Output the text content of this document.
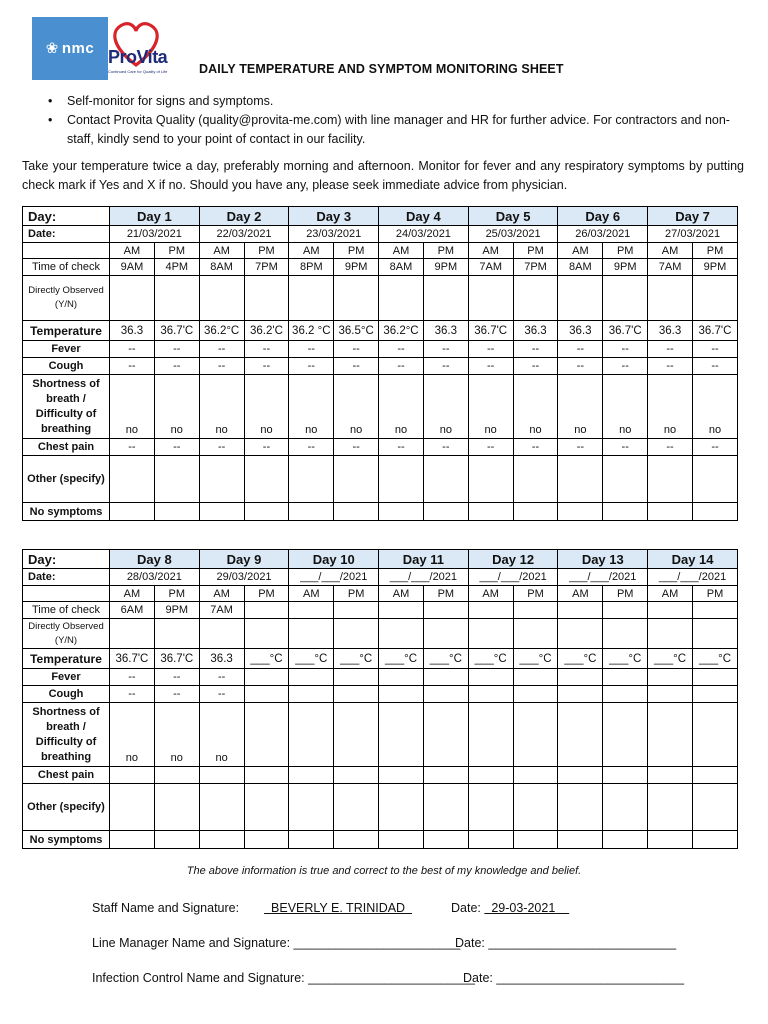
❀ nmc ProVita
Continued Care for Quality of Life	DAILY TEMPERATURE AND SYMPTOM MONITORING SHEET
• Self-monitor for signs and symptoms.
• Contact Provita Quality (quality@provita-me.com) with line manager and HR for further advice. For contractors and non-staff, kindly send to your point of contact in our facility.
Take your temperature twice a day, preferably morning and afternoon. Monitor for fever and any respiratory symptoms by putting check mark if Yes and X if no. Should you have any, please seek immediate advice from physician.
Day:	Day 1		Day 2		Day 3		Day 4		Day 5		Day 6		Day 7	
Date:	21/03/2021		22/03/2021		23/03/2021		24/03/2021		25/03/2021		26/03/2021		27/03/2021	
	AM	PM	AM	PM	AM	PM	AM	PM	AM	PM	AM	PM	AM	PM
Time of check	9AM	4PM	8AM	7PM	8PM	9PM	8AM	9PM	7AM	7PM	8AM	9PM	7AM	9PM
Directly Observed (Y/N)														
Temperature	36.3	36.7'C	36.2°C	36.2'C	36.2 °C	36.5°C	36.2°C	36.3	36.7'C	36.3	36.3	36.7'C	36.3	36.7'C
Fever	--	--	--	--	--	--	--	--	--	--	--	--	--	--
Cough	--	--	--	--	--	--	--	--	--	--	--	--	--	--
Shortness of breath / Difficulty of breathing	no	no	no	no	no	no	no	no	no	no	no	no	no	no
Chest pain	--	--	--	--	--	--	--	--	--	--	--	--	--	--
Other (specify)														
No symptoms														
Day:	Day 8		Day 9		Day 10		Day 11		Day 12		Day 13		Day 14	
Date:	28/03/2021		29/03/2021		___/___/2021		___/___/2021		___/___/2021		___/___/2021		___/___/2021	
	AM	PM	AM	PM	AM	PM	AM	PM	AM	PM	AM	PM	AM	PM
Time of check	6AM	9PM	7AM											
Directly Observed (Y/N)														
Temperature	36.7'C	36.7'C	36.3	___°C	___°C	___°C	___°C	___°C	___°C	___°C	___°C	___°C	___°C	___°C
Fever	--	--	--											
Cough	--	--	--											
Shortness of breath / Difficulty of breathing	no	no	no											
Chest pain														
Other (specify)														
No symptoms														
The above information is true and correct to the best of my knowledge and belief.
Staff Name and Signature:	BEVERLY E. TRINIDAD	Date: 29-03-2021
Line Manager Name and Signature: ________________________
Date: ___________________________
Infection Control Name and Signature: ________________________
Date: ___________________________
